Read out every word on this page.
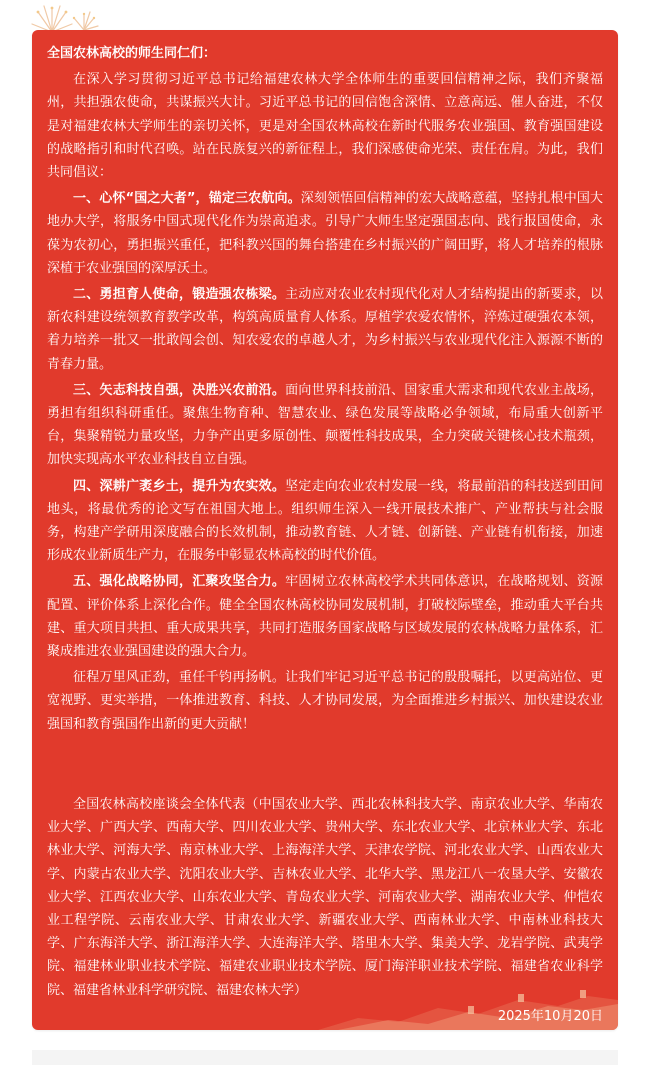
全国农林高校的师生同仁们：

在深入学习贯彻习近平总书记给福建农林大学全体师生的重要回信精神之际，我们齐聚福州，共担强农使命，共谋振兴大计。习近平总书记的回信饱含深情、立意高远、催人奋进，不仅是对福建农林大学师生的亲切关怀，更是对全国农林高校在新时代服务农业强国、教育强国建设的战略指引和时代召唤。站在民族复兴的新征程上，我们深感使命光荣、责任在肩。为此，我们共同倡议：

一、心怀“国之大者”，锚定三农航向。深刻领悟回信精神的宏大战略意蕴，坚持扎根中国大地办大学，将服务中国式现代化作为崇高追求。引导广大师生坚定强国志向、践行报国使命，永葆为农初心，勇担振兴重任，把科教兴国的舞台搭建在乡村振兴的广阔田野，将人才培养的根脉深植于农业强国的深厚沃土。

二、勇担育人使命，锻造强农栋梁。主动应对农业农村现代化对人才结构提出的新要求，以新农科建设统领教育教学改革，构筑高质量育人体系。厚植学农爱农情怀，淬炼过硬强农本领，着力培养一批又一批敢闯会创、知农爱农的卓越人才，为乡村振兴与农业现代化注入源源不断的青春力量。

三、矢志科技自强，决胜兴农前沿。面向世界科技前沿、国家重大需求和现代农业主战场，勇担有组织科研重任。聚焦生物育种、智慧农业、绿色发展等战略必争领域，布局重大创新平台，集聚精锐力量攻坚，力争产出更多原创性、颠覆性科技成果，全力突破关键核心技术瓶颈，加快实现高水平农业科技自立自强。

四、深耕广袤乡土，提升为农实效。坚定走向农业农村发展一线，将最前沿的科技送到田间地头，将最优秀的论文写在祖国大地上。组织师生深入一线开展技术推广、产业帮扶与社会服务，构建产学研用深度融合的长效机制，推动教育链、人才链、创新链、产业链有机衔接，加速形成农业新质生产力，在服务中彰显农林高校的时代价值。

五、强化战略协同，汇聚攻坚合力。牢固树立农林高校学术共同体意识，在战略规划、资源配置、评价体系上深化合作。健全全国农林高校协同发展机制，打破校际壁垒，推动重大平台共建、重大项目共担、重大成果共享，共同打造服务国家战略与区域发展的农林战略力量体系，汇聚成推进农业强国建设的强大合力。

征程万里风正劲，重任千钧再扬帆。让我们牢记习近平总书记的殷殷嘱托，以更高站位、更宽视野、更实举措，一体推进教育、科技、人才协同发展，为全面推进乡村振兴、加快建设农业强国和教育强国作出新的更大贡献！

全国农林高校座谈会全体代表（中国农业大学、西北农林科技大学、南京农业大学、华南农业大学、广西大学、西南大学、四川农业大学、贵州大学、东北农业大学、北京林业大学、东北林业大学、河海大学、南京林业大学、上海海洋大学、天津农学院、河北农业大学、山西农业大学、内蒙古农业大学、沈阳农业大学、吉林农业大学、北华大学、黑龙江八一农垦大学、安徽农业大学、江西农业大学、山东农业大学、青岛农业大学、河南农业大学、湖南农业大学、仲恺农业工程学院、云南农业大学、甘肃农业大学、新疆农业大学、西南林业大学、中南林业科技大学、广东海洋大学、浙江海洋大学、大连海洋大学、塔里木大学、集美大学、龙岩学院、武夷学院、福建林业职业技术学院、福建农业职业技术学院、厦门海洋职业技术学院、福建省农业科学院、福建省林业科学研究院、福建农林大学）

2025年10月20日
